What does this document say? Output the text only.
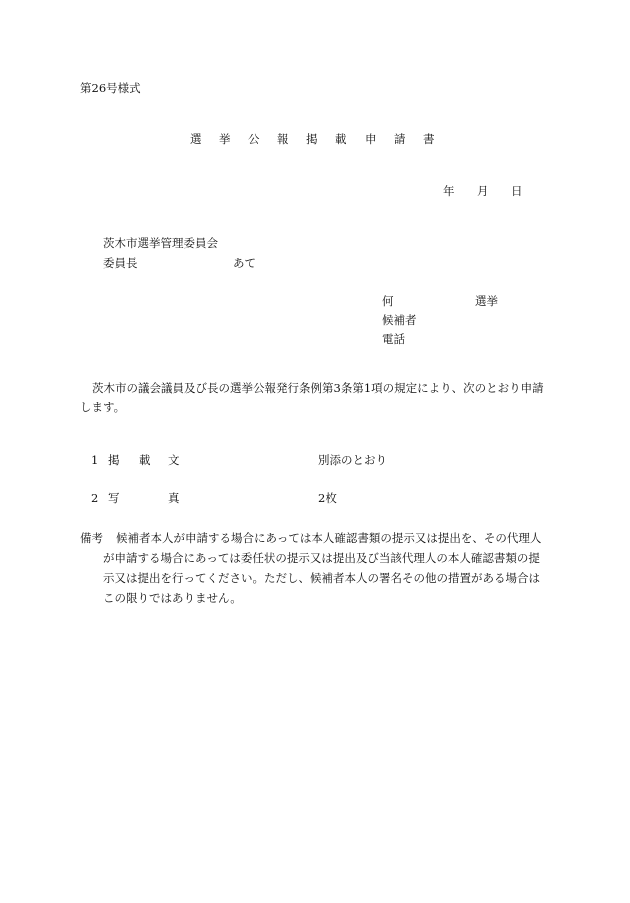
第26号様式
選 挙 公 報 掲 載 申 請 書
年 月 日
茨木市選挙管理委員会
委員長	あて
何	選挙
候補者
電話
茨木市の議会議員及び長の選挙公報発行条例第3条第1項の規定により、次のとおり申請
します。
1 掲 載 文	別添のとおり
2 写	真	2枚
備考 候補者本人が申請する場合にあっては本人確認書類の提示又は提出を、その代理人
が申請する場合にあっては委任状の提示又は提出及び当該代理人の本人確認書類の提
示又は提出を行ってください。ただし、候補者本人の署名その他の措置がある場合は
この限りではありません。
